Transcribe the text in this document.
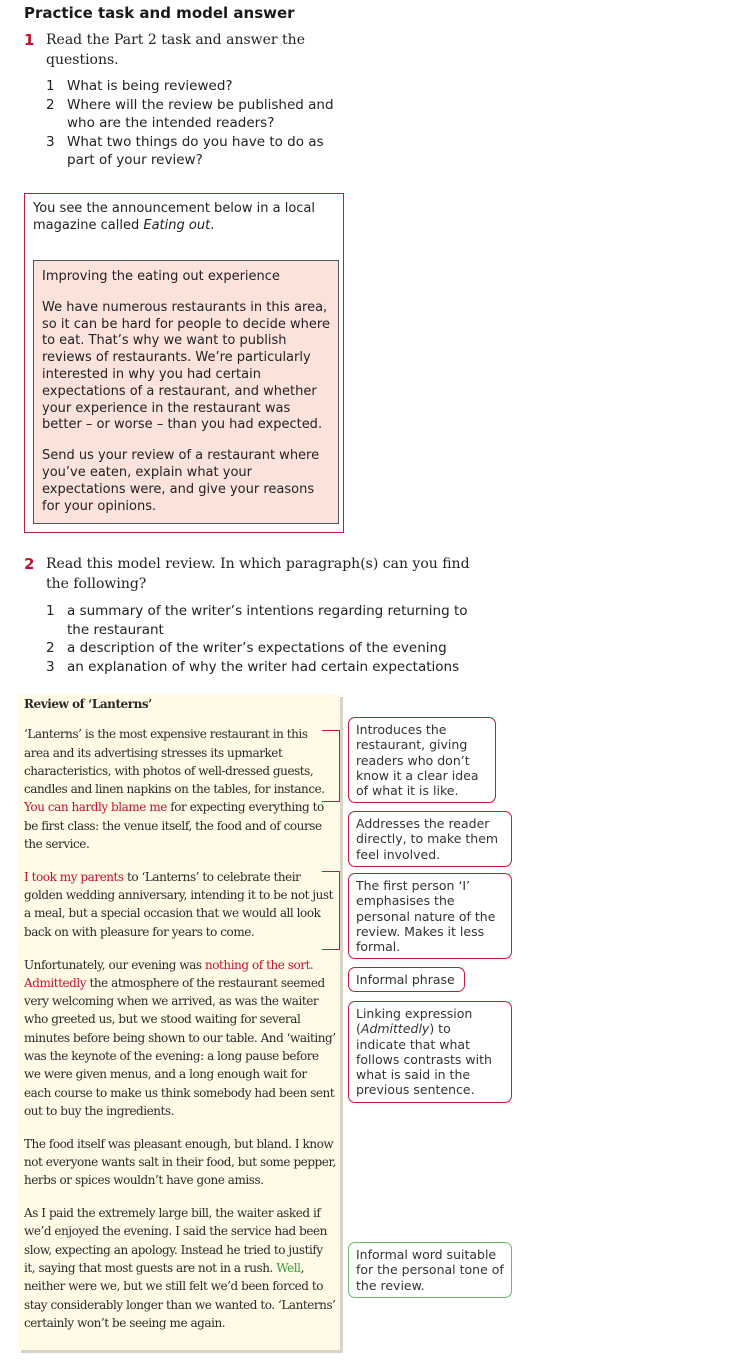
Practice task and model answer
1 Read the Part 2 task and answer the questions.
1 What is being reviewed?
2 Where will the review be published and who are the intended readers?
3 What two things do you have to do as part of your review?
You see the announcement below in a local magazine called Eating out.

Improving the eating out experience

We have numerous restaurants in this area, so it can be hard for people to decide where to eat. That’s why we want to publish reviews of restaurants. We’re particularly interested in why you had certain expectations of a restaurant, and whether your experience in the restaurant was better – or worse – than you had expected.

Send us your review of a restaurant where you’ve eaten, explain what your expectations were, and give your reasons for your opinions.

2 Read this model review. In which paragraph(s) can you find the following?
1 a summary of the writer’s intentions regarding returning to the restaurant
2 a description of the writer’s expectations of the evening
3 an explanation of why the writer had certain expectations

Review of ‘Lanterns’

‘Lanterns’ is the most expensive restaurant in this area and its advertising stresses its upmarket characteristics, with photos of well-dressed guests, candles and linen napkins on the tables, for instance. You can hardly blame me for expecting everything to be first class: the venue itself, the food and of course the service.

I took my parents to ‘Lanterns’ to celebrate their golden wedding anniversary, intending it to be not just a meal, but a special occasion that we would all look back on with pleasure for years to come.

Unfortunately, our evening was nothing of the sort. Admittedly the atmosphere of the restaurant seemed very welcoming when we arrived, as was the waiter who greeted us, but we stood waiting for several minutes before being shown to our table. And ‘waiting’ was the keynote of the evening: a long pause before we were given menus, and a long enough wait for each course to make us think somebody had been sent out to buy the ingredients.

The food itself was pleasant enough, but bland. I know not everyone wants salt in their food, but some pepper, herbs or spices wouldn’t have gone amiss.

As I paid the extremely large bill, the waiter asked if we’d enjoyed the evening. I said the service had been slow, expecting an apology. Instead he tried to justify it, saying that most guests are not in a rush. Well, neither were we, but we still felt we’d been forced to stay considerably longer than we wanted to. ‘Lanterns’ certainly won’t be seeing me again.

Introduces the restaurant, giving readers who don’t know it a clear idea of what it is like.
Addresses the reader directly, to make them feel involved.
The first person ‘I’ emphasises the personal nature of the review. Makes it less formal.
Informal phrase
Linking expression (Admittedly) to indicate that what follows contrasts with what is said in the previous sentence.
Informal word suitable for the personal tone of the review.
